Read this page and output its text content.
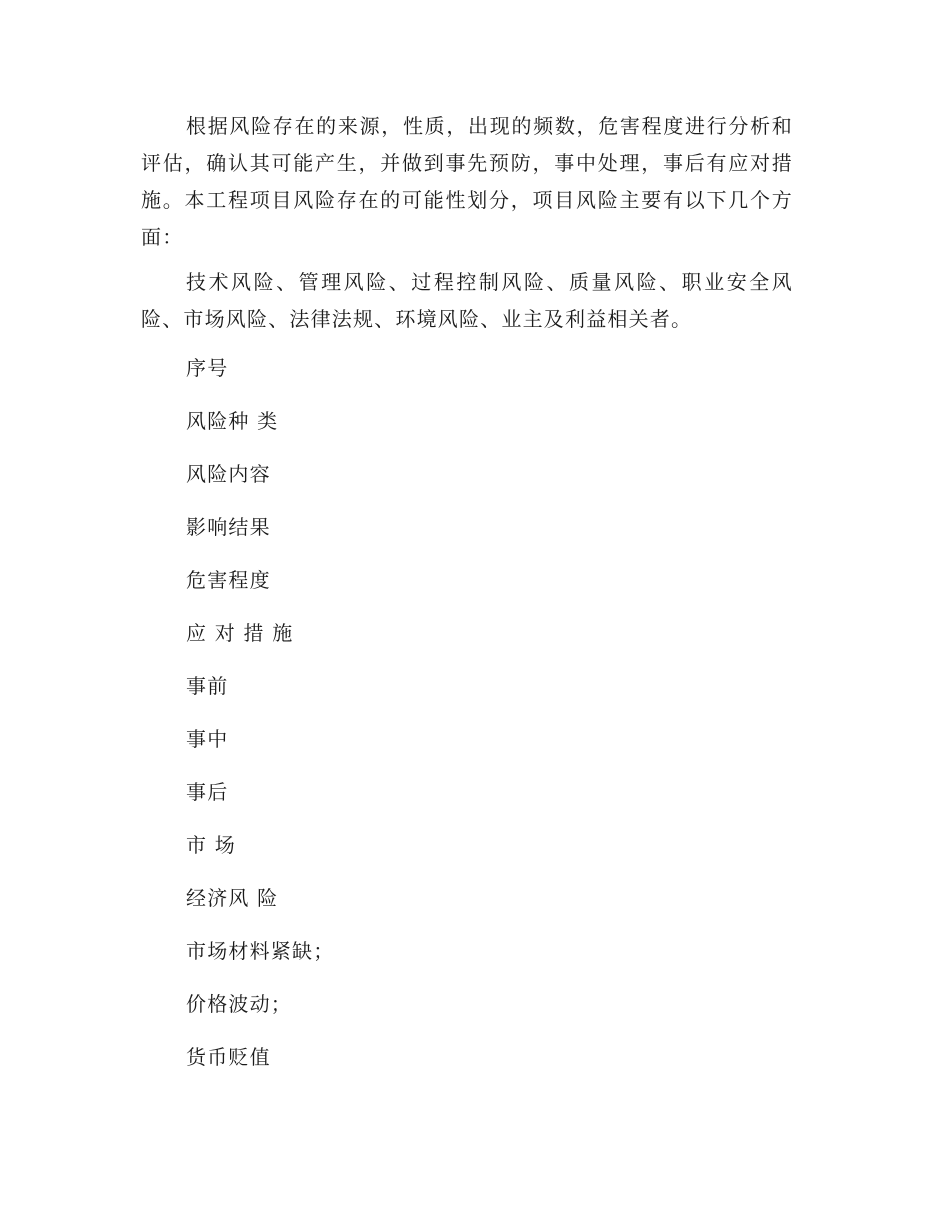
根据风险存在的来源，性质，出现的频数，危害程度进行分析和评估，确认其可能产生，并做到事先预防，事中处理，事后有应对措施。本工程项目风险存在的可能性划分，项目风险主要有以下几个方面：

技术风险、管理风险、过程控制风险、质量风险、职业安全风险、市场风险、法律法规、环境风险、业主及利益相关者。

序号

风险种 类

风险内容

影响结果

危害程度

应 对 措 施

事前

事中

事后

市 场

经济风 险

市场材料紧缺；

价格波动；

货币贬值
